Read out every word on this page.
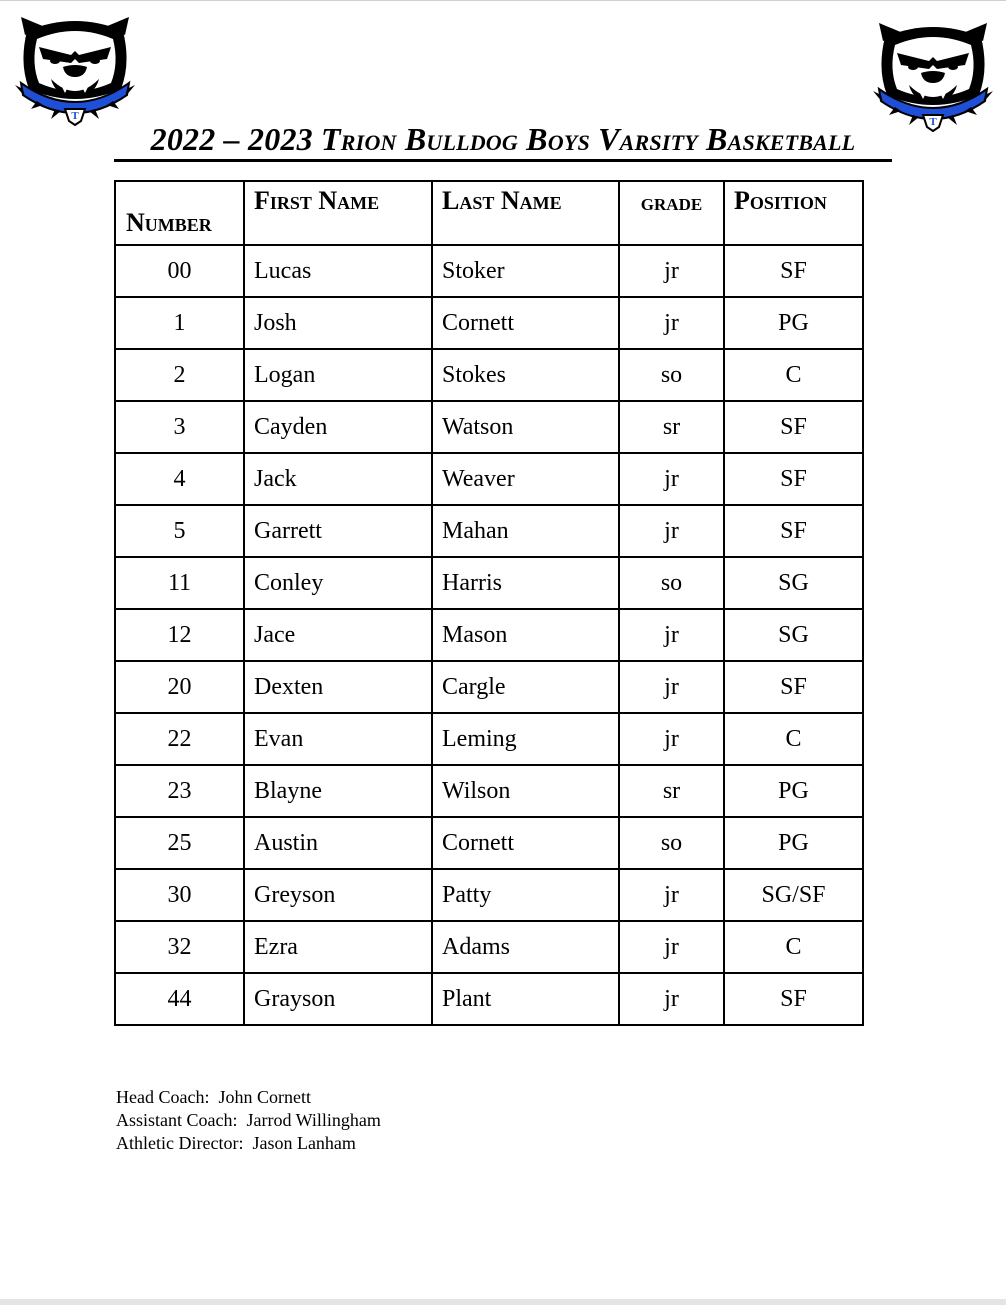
T	T
2022 – 2023 Trion Bulldog Boys Varsity Basketball
Number	First Name	Last Name	grade	Position
00	Lucas	Stoker	jr	SF
1	Josh	Cornett	jr	PG
2	Logan	Stokes	so	C
3	Cayden	Watson	sr	SF
4	Jack	Weaver	jr	SF
5	Garrett	Mahan	jr	SF
11	Conley	Harris	so	SG
12	Jace	Mason	jr	SG
20	Dexten	Cargle	jr	SF
22	Evan	Leming	jr	C
23	Blayne	Wilson	sr	PG
25	Austin	Cornett	so	PG
30	Greyson	Patty	jr	SG/SF
32	Ezra	Adams	jr	C
44	Grayson	Plant	jr	SF
Head Coach: John Cornett
Assistant Coach: Jarrod Willingham
Athletic Director: Jason Lanham
